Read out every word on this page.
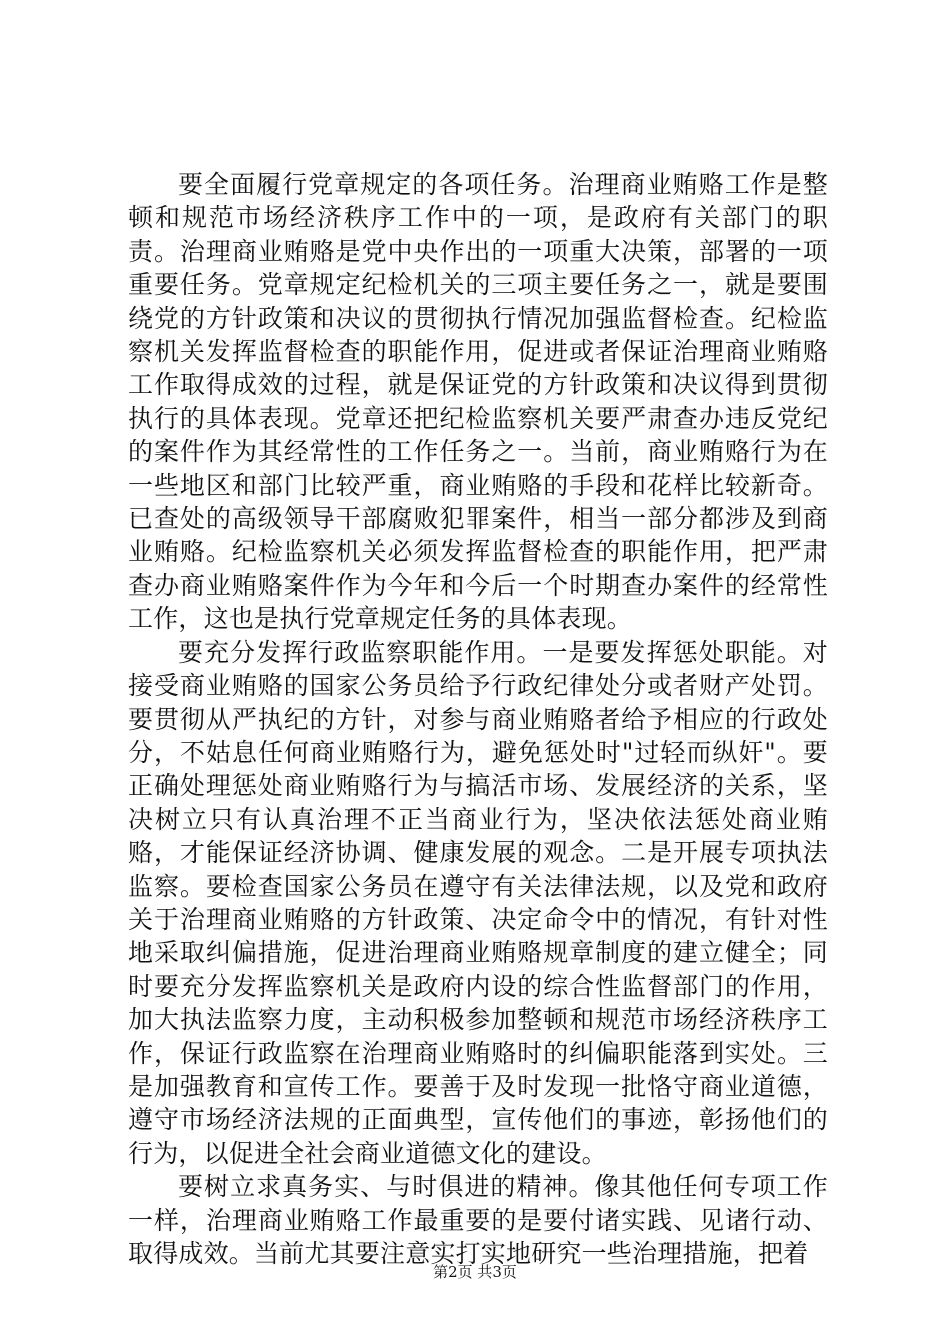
要全面履行党章规定的各项任务。治理商业贿赂工作是整顿和规范市场经济秩序工作中的一项，是政府有关部门的职责。治理商业贿赂是党中央作出的一项重大决策，部署的一项重要任务。党章规定纪检机关的三项主要任务之一，就是要围绕党的方针政策和决议的贯彻执行情况加强监督检查。纪检监察机关发挥监督检查的职能作用，促进或者保证治理商业贿赂工作取得成效的过程，就是保证党的方针政策和决议得到贯彻执行的具体表现。党章还把纪检监察机关要严肃查办违反党纪的案件作为其经常性的工作任务之一。当前，商业贿赂行为在一些地区和部门比较严重，商业贿赂的手段和花样比较新奇。已查处的高级领导干部腐败犯罪案件，相当一部分都涉及到商业贿赂。纪检监察机关必须发挥监督检查的职能作用，把严肃查办商业贿赂案件作为今年和今后一个时期查办案件的经常性工作，这也是执行党章规定任务的具体表现。

要充分发挥行政监察职能作用。一是要发挥惩处职能。对接受商业贿赂的国家公务员给予行政纪律处分或者财产处罚。要贯彻从严执纪的方针，对参与商业贿赂者给予相应的行政处分，不姑息任何商业贿赂行为，避免惩处时"过轻而纵奸"。要正确处理惩处商业贿赂行为与搞活市场、发展经济的关系，坚决树立只有认真治理不正当商业行为，坚决依法惩处商业贿赂，才能保证经济协调、健康发展的观念。二是开展专项执法监察。要检查国家公务员在遵守有关法律法规，以及党和政府关于治理商业贿赂的方针政策、决定命令中的情况，有针对性地采取纠偏措施，促进治理商业贿赂规章制度的建立健全；同时要充分发挥监察机关是政府内设的综合性监督部门的作用，加大执法监察力度，主动积极参加整顿和规范市场经济秩序工作，保证行政监察在治理商业贿赂时的纠偏职能落到实处。三是加强教育和宣传工作。要善于及时发现一批恪守商业道德，遵守市场经济法规的正面典型，宣传他们的事迹，彰扬他们的行为，以促进全社会商业道德文化的建设。

要树立求真务实、与时俱进的精神。像其他任何专项工作一样，治理商业贿赂工作最重要的是要付诸实践、见诸行动、取得成效。当前尤其要注意实打实地研究一些治理措施，把着

第2页 共3页
